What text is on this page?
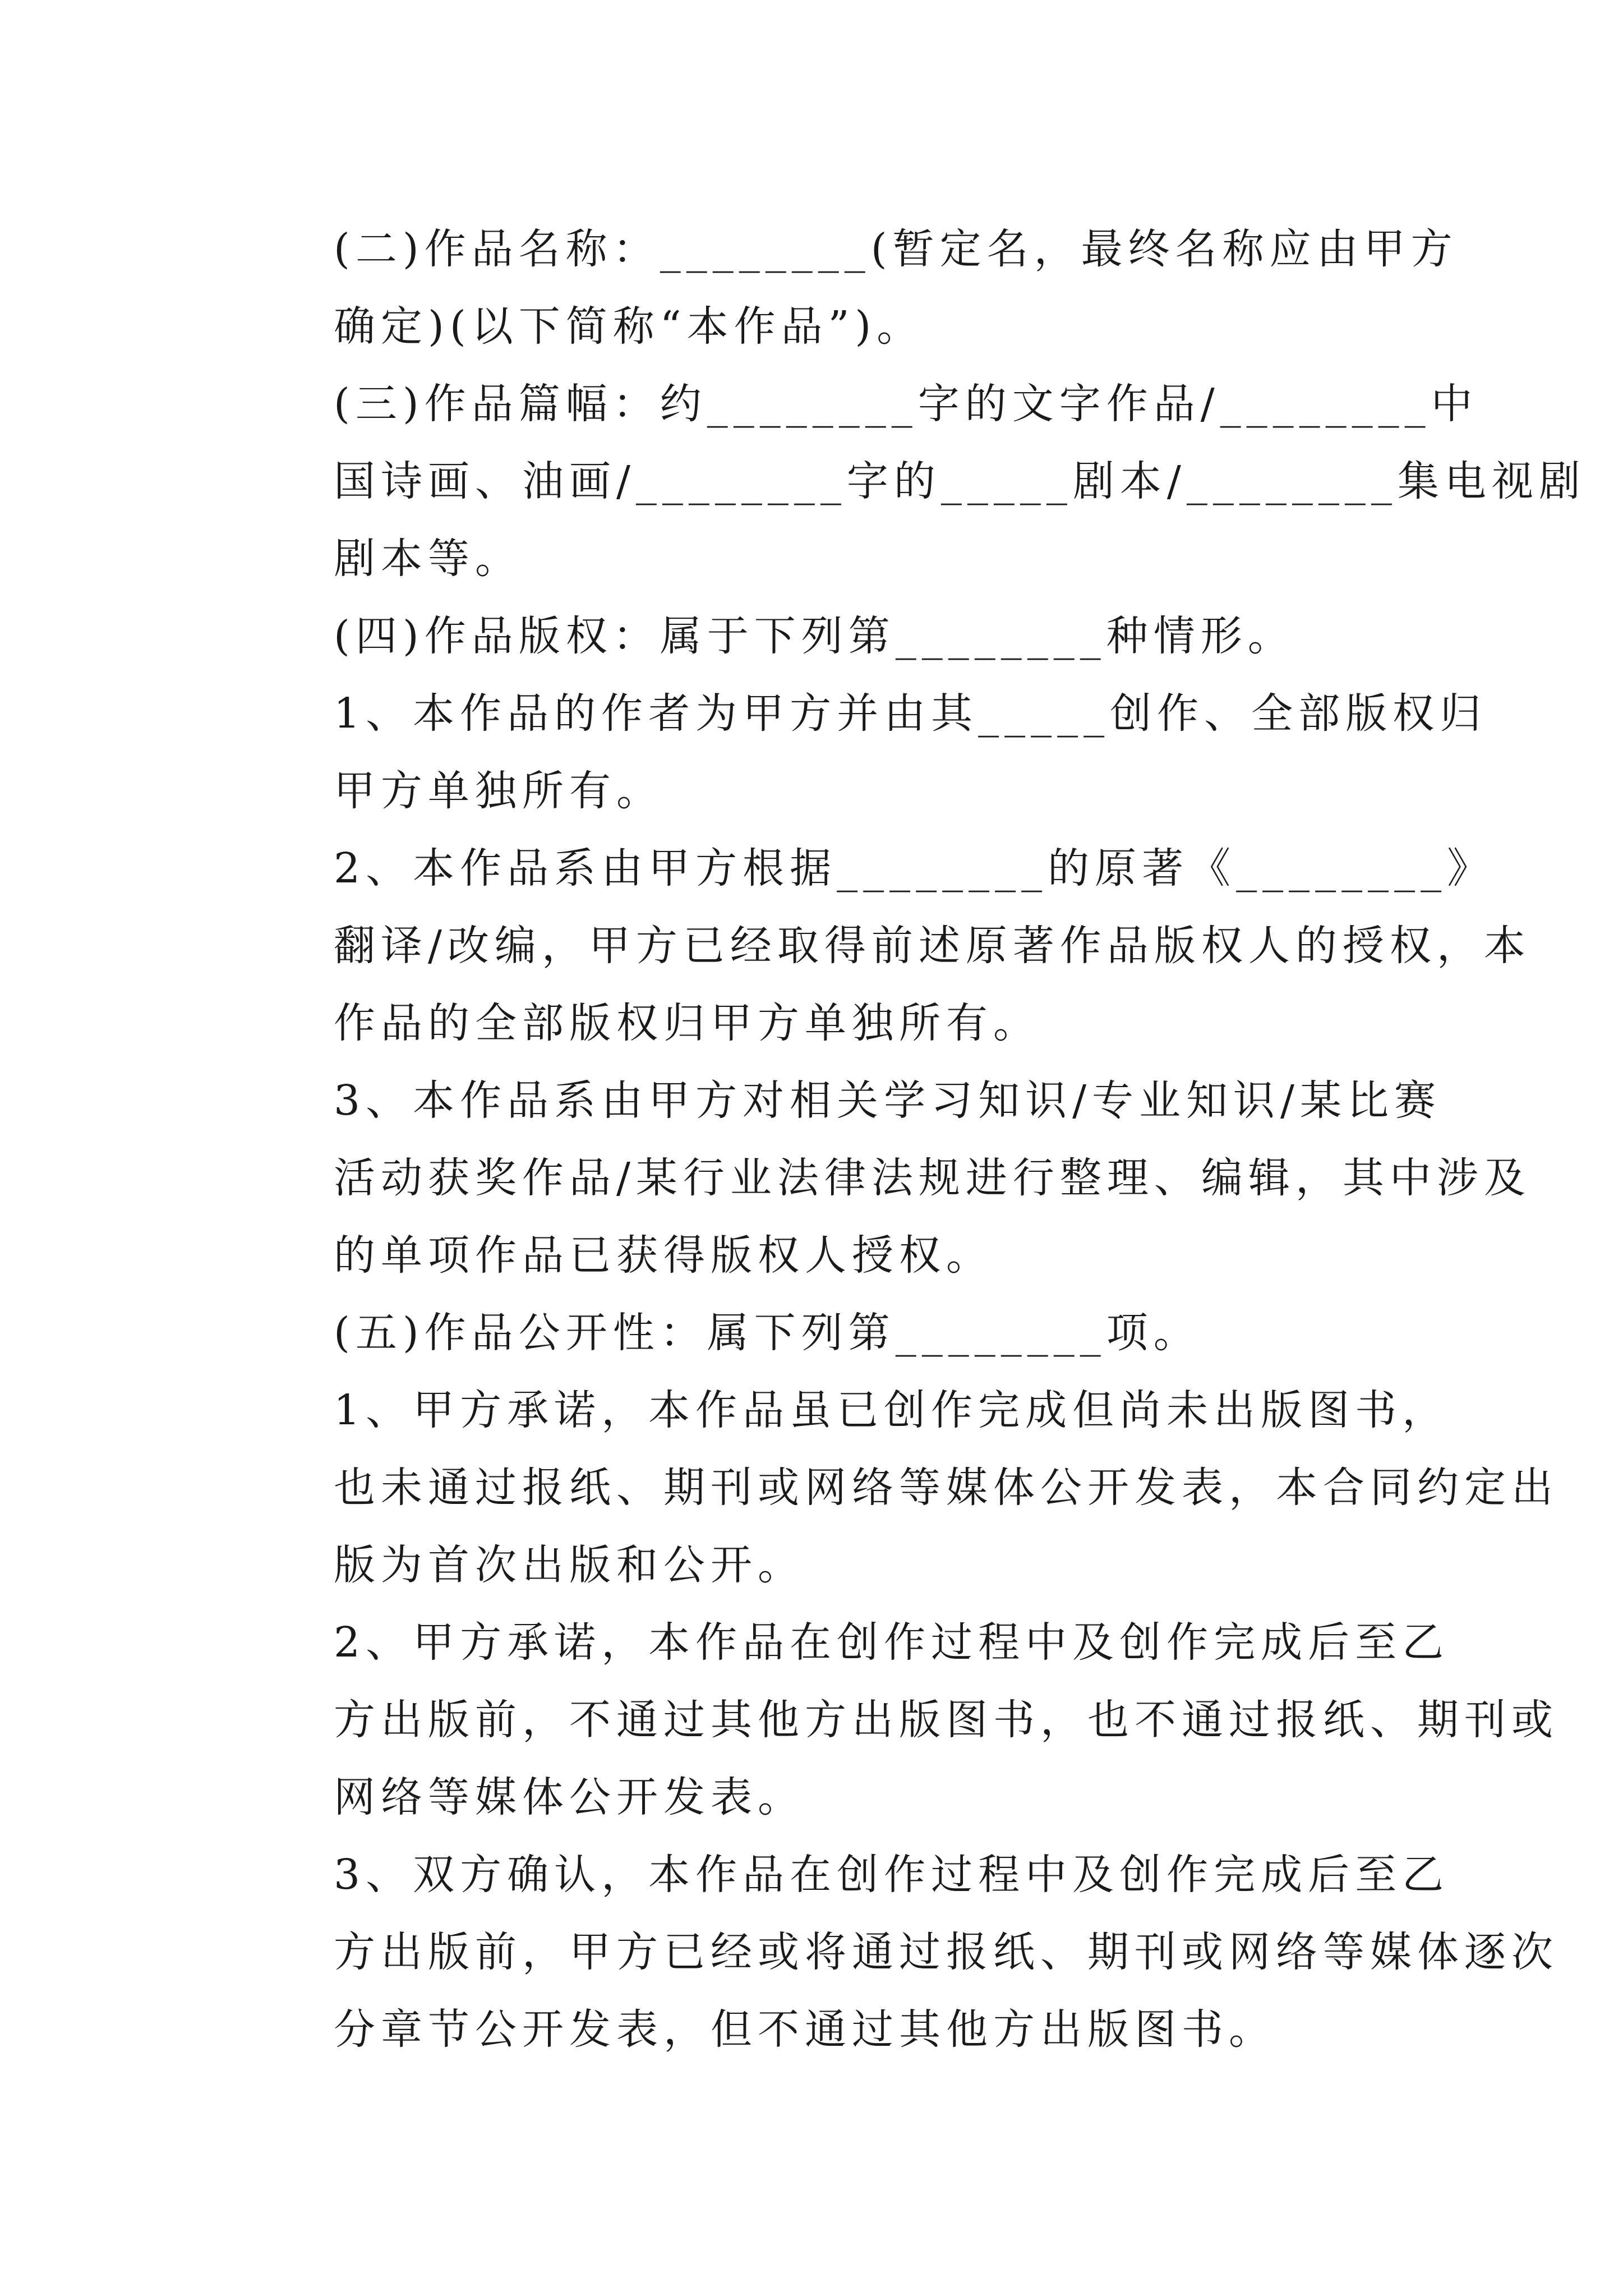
(二)作品名称：________(暂定名，最终名称应由甲方
确定)(以下简称“本作品”)。

(三)作品篇幅：约________字的文字作品/________中
国诗画、油画/________字的_____剧本/________集电视剧
剧本等。

(四)作品版权：属于下列第________种情形。

1、本作品的作者为甲方并由其_____创作、全部版权归
甲方单独所有。

2、本作品系由甲方根据________的原著《________》
翻译/改编，甲方已经取得前述原著作品版权人的授权，本
作品的全部版权归甲方单独所有。

3、本作品系由甲方对相关学习知识/专业知识/某比赛
活动获奖作品/某行业法律法规进行整理、编辑，其中涉及
的单项作品已获得版权人授权。

(五)作品公开性：属下列第________项。

1、甲方承诺，本作品虽已创作完成但尚未出版图书，
也未通过报纸、期刊或网络等媒体公开发表，本合同约定出
版为首次出版和公开。

2、甲方承诺，本作品在创作过程中及创作完成后至乙
方出版前，不通过其他方出版图书，也不通过报纸、期刊或
网络等媒体公开发表。

3、双方确认，本作品在创作过程中及创作完成后至乙
方出版前，甲方已经或将通过报纸、期刊或网络等媒体逐次
分章节公开发表，但不通过其他方出版图书。
